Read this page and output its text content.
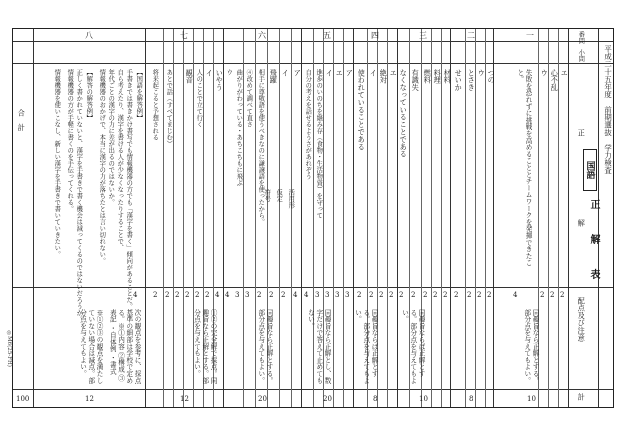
平成二十五年度　前期選抜　学力検査
国語
正
解
表
番問
小問
正
解
配点及び注意
計
一
二
三
四
五
六
七
八
エ
心不乱
ウ
失敗を恐れずに挑戦を高めることとチームワークを発揮できたこと。
つの
ウ
とさき
せいか
材料
料理
燃料
有識失
なくなっていることである
エ
絶対
イ
使われていることである
ア
エ
イ
進歩のいのちを継み存（食物・生活物資）を守って
自分の考えを話せるようさがあれぞう
ア
イ
飛躍
相手に尊敬語を使うべきなのに謙譲語を使ったから。
④改めて調べて直さ
曲がりがわっている・あちこちもに飛ぶ
ウ
符号 仮定 活用形
いやう
イ
人のことで立て行く
観音
あとで話（すべてまじむ）
将来起こると予想される
【国語を解答例】
手書きでは書きかけ書写でも情報機器の方でも「漢字を書く」傾向があることだ。
自ら考えたり、漢字を書ける人が少なくなったりすることで、
年代ごとの漢字の力に差が出るのではないか。
情報機器のおかげで、本当に漢字の力が落ちたとは言い切れない。
【解答の解答例】
正しく書かれていないと、漢字を手書きで書く機会は減ってくるのではないだろうか。
情報機器の方が手軽に書くのを手伝ってくれる。
情報機器を使いこなし、新しい漢字を手書きで書いていきたい。
合　計
2
2
2
4
2
2
2
2
2
2
2
2
2
2
2
2
2
3
3
3
3
4
4
2
2
2
3
3
4
4
2
2
2
2
2
2
4
同趣旨なら正解とする。部分点を与えてもよい。
同趣旨ならば正解とする。部分点を与えてもよい。
同趣旨ならば正解とする。部分点を与えてもよい。
同趣旨なら正解とし、数字だけで答えて止めてもない。
同趣旨なら正解とする。部分点を与えてもよい。
①②の完全解で採点。同趣旨なら正解とする。部分点を与えてもよい。
次の観点を参考に、採点基準の細部は学校で定める。※①内容 ②構成 ③表記 ・自体例 ・書式
※①②③の観点を満たしていない場合は減点。部分点を与えてもよい。
10
8
10
8
20
20
12
12
100
◎M6(25-FH)
